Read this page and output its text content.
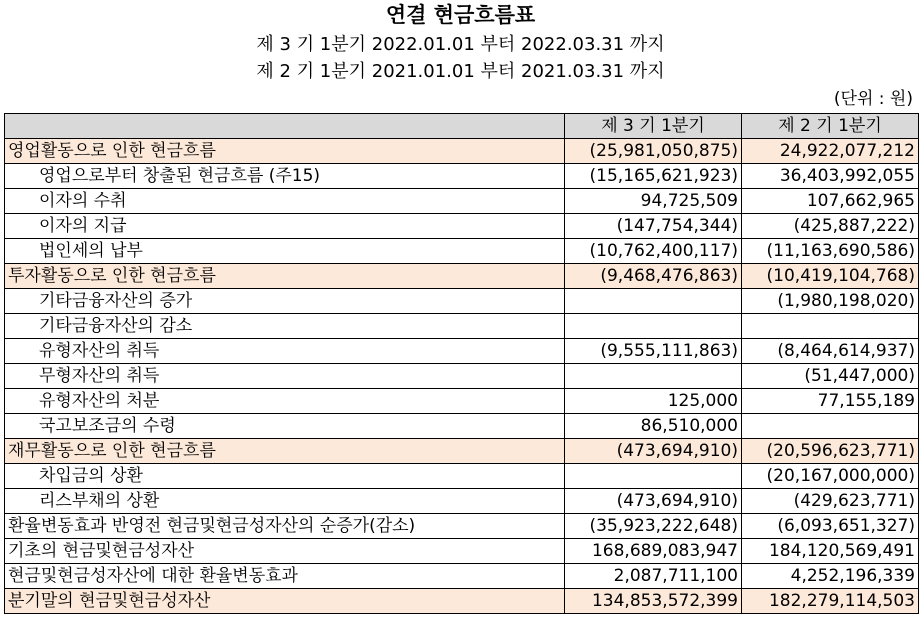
연결 현금흐름표
제 3 기 1분기 2022.01.01 부터 2022.03.31 까지
제 2 기 1분기 2021.01.01 부터 2021.03.31 까지
(단위 : 원)
	제 3 기 1분기	제 2 기 1분기
영업활동으로 인한 현금흐름	(25,981,050,875)	24,922,077,212
영업으로부터 창출된 현금흐름 (주15)	(15,165,621,923)	36,403,992,055
이자의 수취	94,725,509	107,662,965
이자의 지급	(147,754,344)	(425,887,222)
법인세의 납부	(10,762,400,117)	(11,163,690,586)
투자활동으로 인한 현금흐름	(9,468,476,863)	(10,419,104,768)
기타금융자산의 증가		(1,980,198,020)
기타금융자산의 감소		
유형자산의 취득	(9,555,111,863)	(8,464,614,937)
무형자산의 취득		(51,447,000)
유형자산의 처분	125,000	77,155,189
국고보조금의 수령	86,510,000	
재무활동으로 인한 현금흐름	(473,694,910)	(20,596,623,771)
차입금의 상환		(20,167,000,000)
리스부채의 상환	(473,694,910)	(429,623,771)
환율변동효과 반영전 현금및현금성자산의 순증가(감소)	(35,923,222,648)	(6,093,651,327)
기초의 현금및현금성자산	168,689,083,947	184,120,569,491
현금및현금성자산에 대한 환율변동효과	2,087,711,100	4,252,196,339
분기말의 현금및현금성자산	134,853,572,399	182,279,114,503
